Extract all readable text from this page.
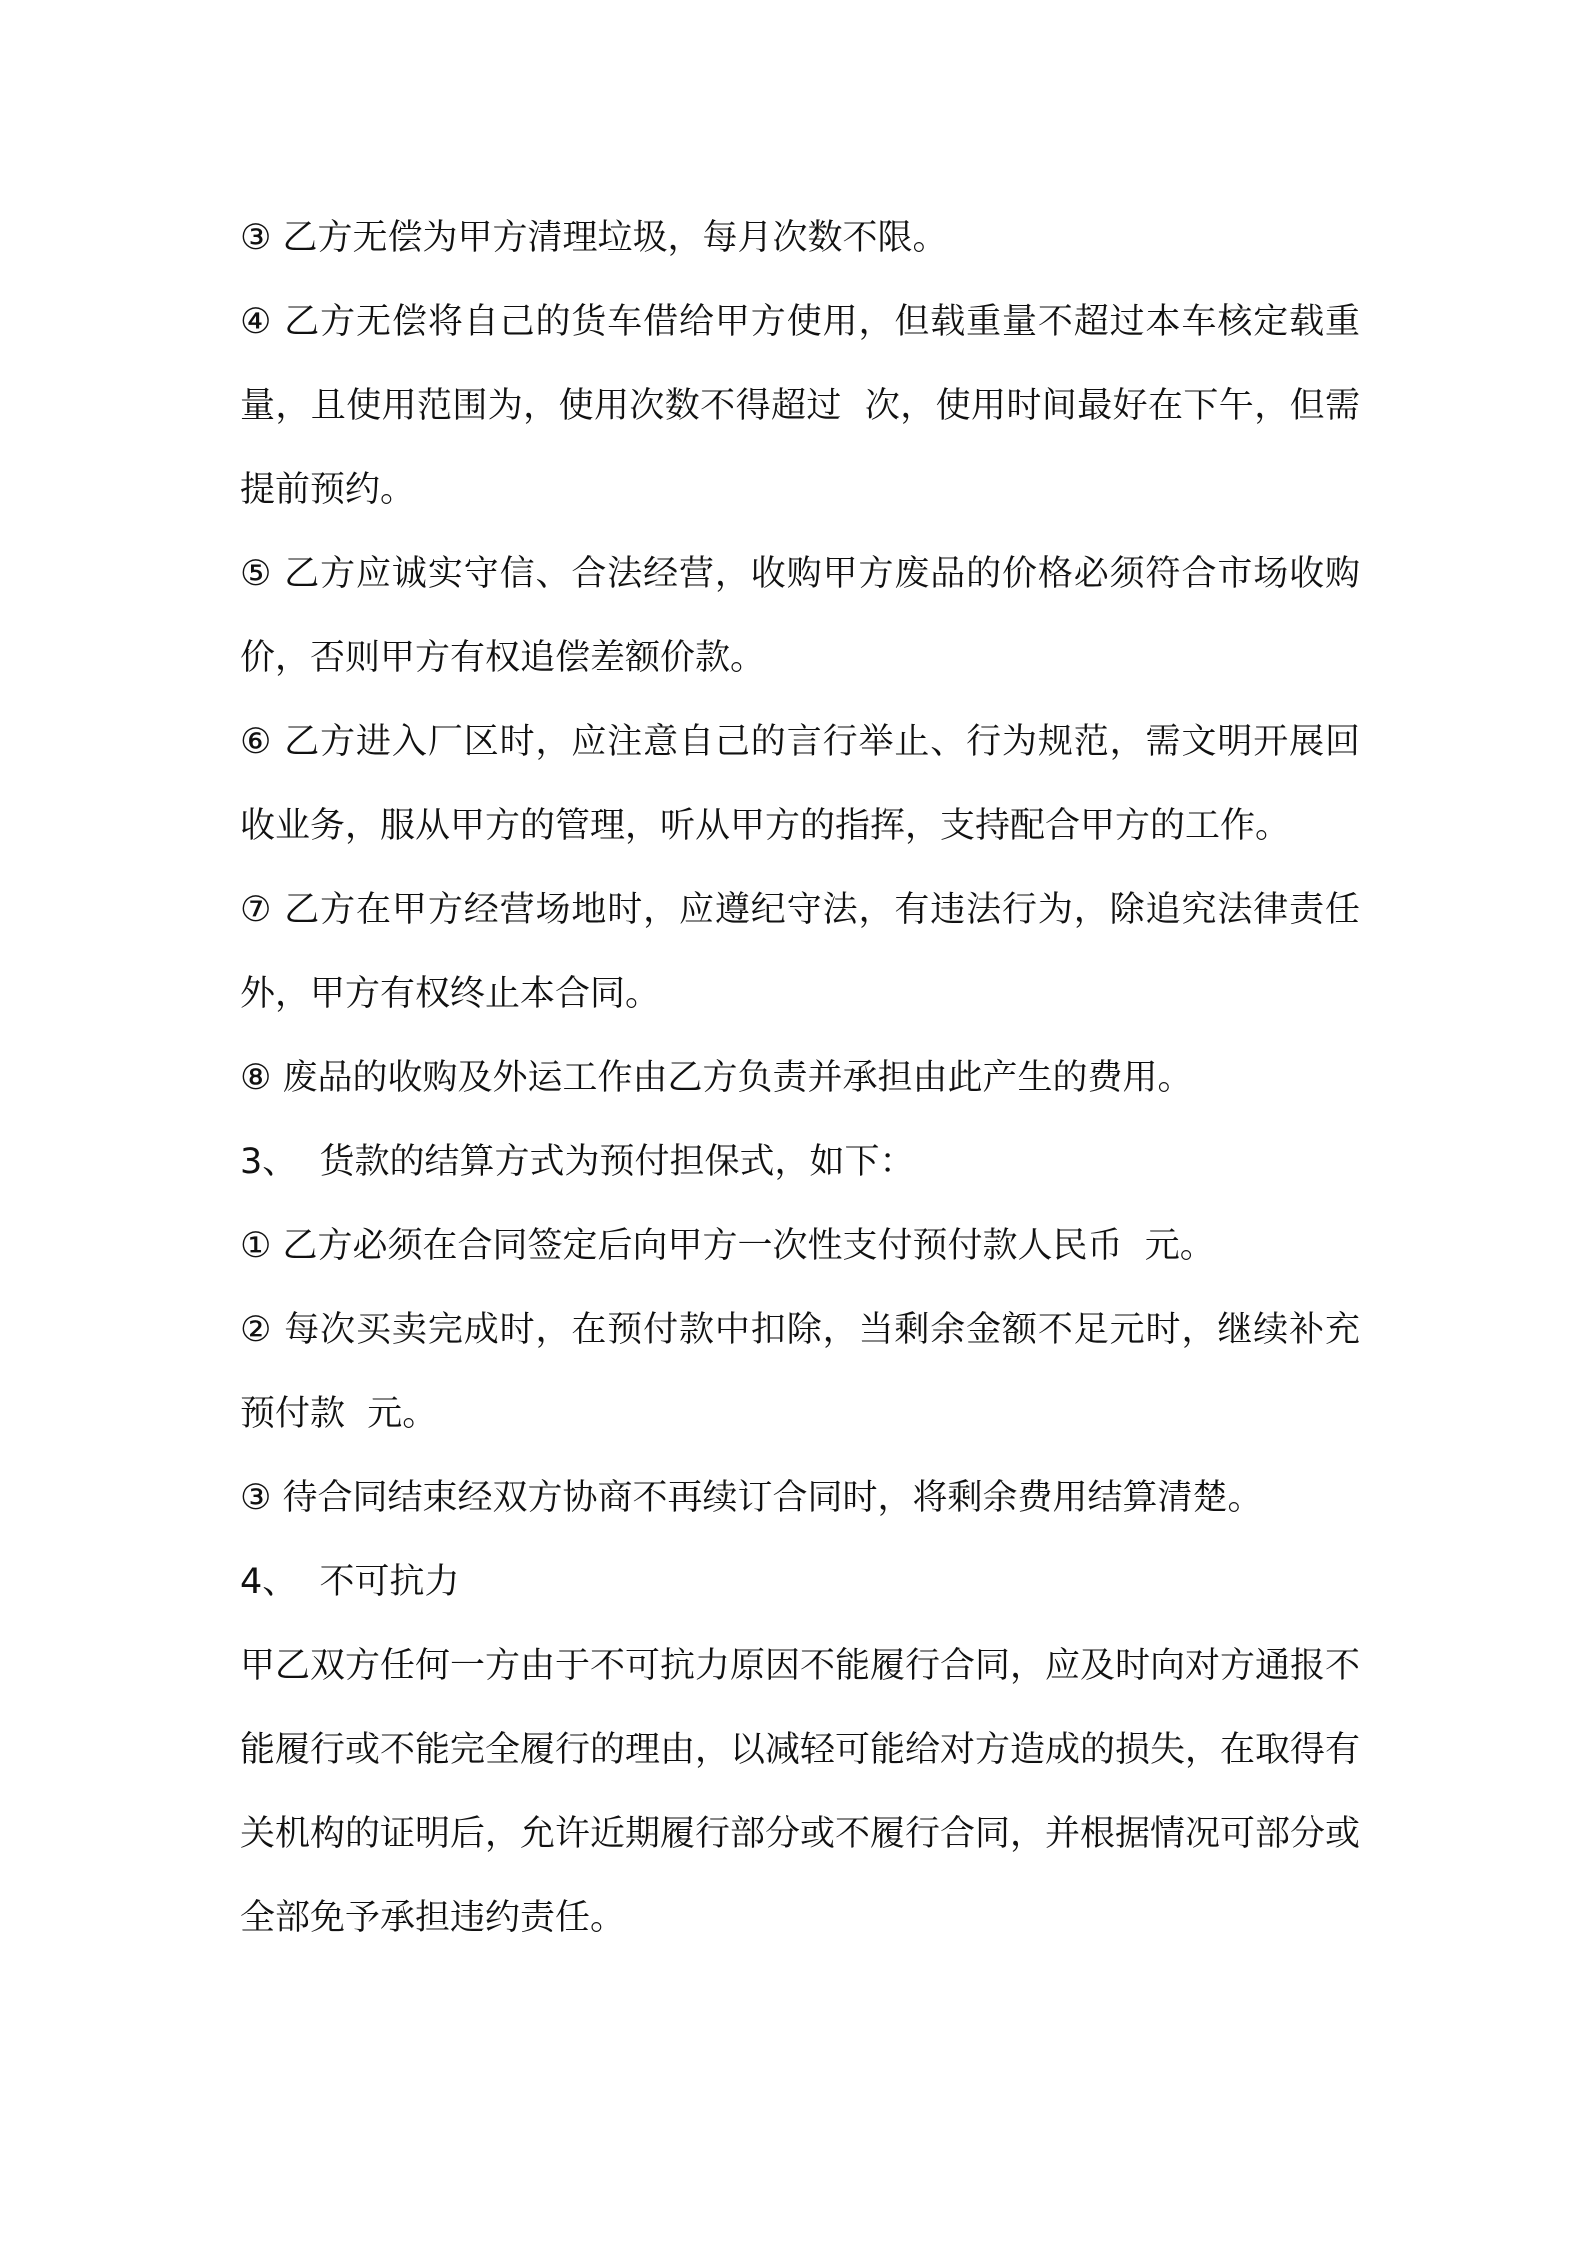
③ 乙方无偿为甲方清理垃圾，每月次数不限。

④ 乙方无偿将自己的货车借给甲方使用，但载重量不超过本车核定载重量，且使用范围为，使用次数不得超过  次，使用时间最好在下午，但需提前预约。

⑤ 乙方应诚实守信、合法经营，收购甲方废品的价格必须符合市场收购价，否则甲方有权追偿差额价款。

⑥ 乙方进入厂区时，应注意自己的言行举止、行为规范，需文明开展回收业务，服从甲方的管理，听从甲方的指挥，支持配合甲方的工作。

⑦ 乙方在甲方经营场地时，应遵纪守法，有违法行为，除追究法律责任外，甲方有权终止本合同。

⑧ 废品的收购及外运工作由乙方负责并承担由此产生的费用。

3、  货款的结算方式为预付担保式，如下：

① 乙方必须在合同签定后向甲方一次性支付预付款人民币  元。

② 每次买卖完成时，在预付款中扣除，当剩余金额不足元时，继续补充预付款  元。

③ 待合同结束经双方协商不再续订合同时，将剩余费用结算清楚。

4、  不可抗力

甲乙双方任何一方由于不可抗力原因不能履行合同，应及时向对方通报不能履行或不能完全履行的理由，以减轻可能给对方造成的损失，在取得有关机构的证明后，允许近期履行部分或不履行合同，并根据情况可部分或全部免予承担违约责任。
